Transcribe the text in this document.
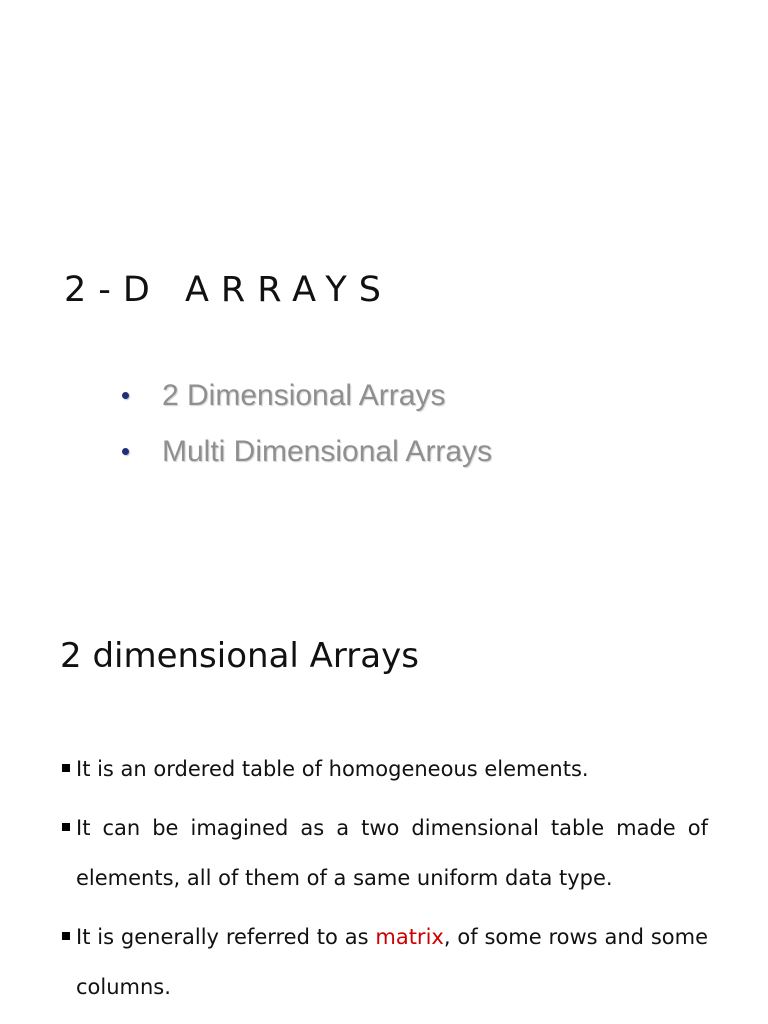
2-D ARRAYS
2 Dimensional Arrays
Multi Dimensional Arrays
2 dimensional Arrays
It is an ordered table of homogeneous elements.
It can be imagined as a two dimensional table made of elements, all of them of a same uniform data type.
It is generally referred to as matrix, of some rows and some columns.
